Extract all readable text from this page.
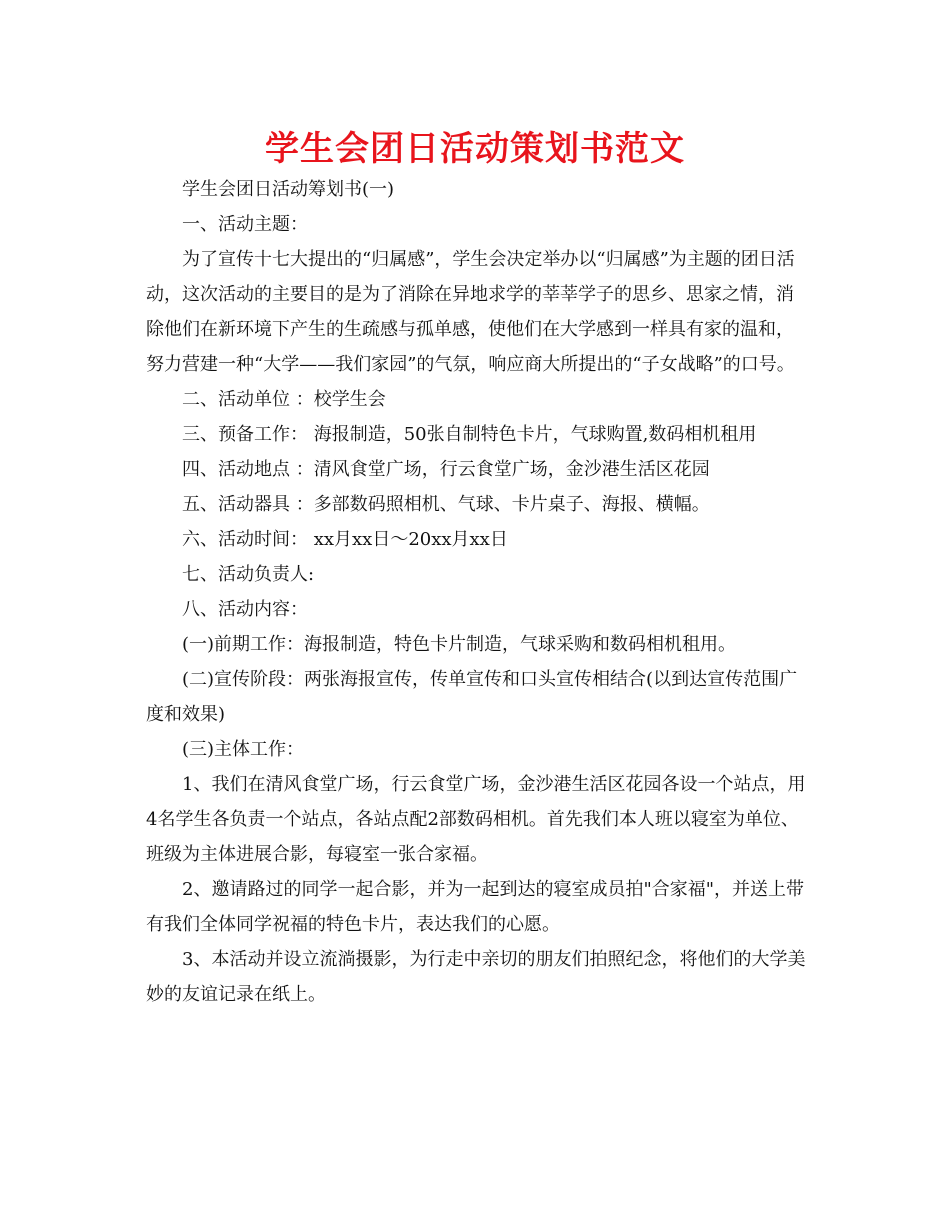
学生会团日活动策划书范文

学生会团日活动筹划书(一)

一、活动主题：

为了宣传十七大提出的“归属感”，学生会决定举办以“归属感”为主题的团日活动，这次活动的主要目的是为了消除在异地求学的莘莘学子的思乡、思家之情，消除他们在新环境下产生的生疏感与孤单感，使他们在大学感到一样具有家的温和，努力营建一种“大学——我们家园”的气氛，响应商大所提出的“子女战略”的口号。

二、活动单位 ：校学生会

三、预备工作： 海报制造，50张自制特色卡片，气球购置,数码相机租用

四、活动地点 ：清风食堂广场，行云食堂广场，金沙港生活区花园

五、活动器具 ：多部数码照相机、气球、卡片桌子、海报、横幅。

六、活动时间： xx月xx日～20xx月xx日

七、活动负责人:

八、活动内容：

(一)前期工作：海报制造，特色卡片制造，气球采购和数码相机租用。

(二)宣传阶段：两张海报宣传，传单宣传和口头宣传相结合(以到达宣传范围广度和效果)

(三)主体工作：

1、我们在清风食堂广场，行云食堂广场，金沙港生活区花园各设一个站点，用4名学生各负责一个站点，各站点配2部数码相机。首先我们本人班以寝室为单位、班级为主体进展合影，每寝室一张合家福。

2、邀请路过的同学一起合影，并为一起到达的寝室成员拍"合家福"，并送上带有我们全体同学祝福的特色卡片，表达我们的心愿。

3、本活动并设立流淌摄影，为行走中亲切的朋友们拍照纪念，将他们的大学美妙的友谊记录在纸上。
